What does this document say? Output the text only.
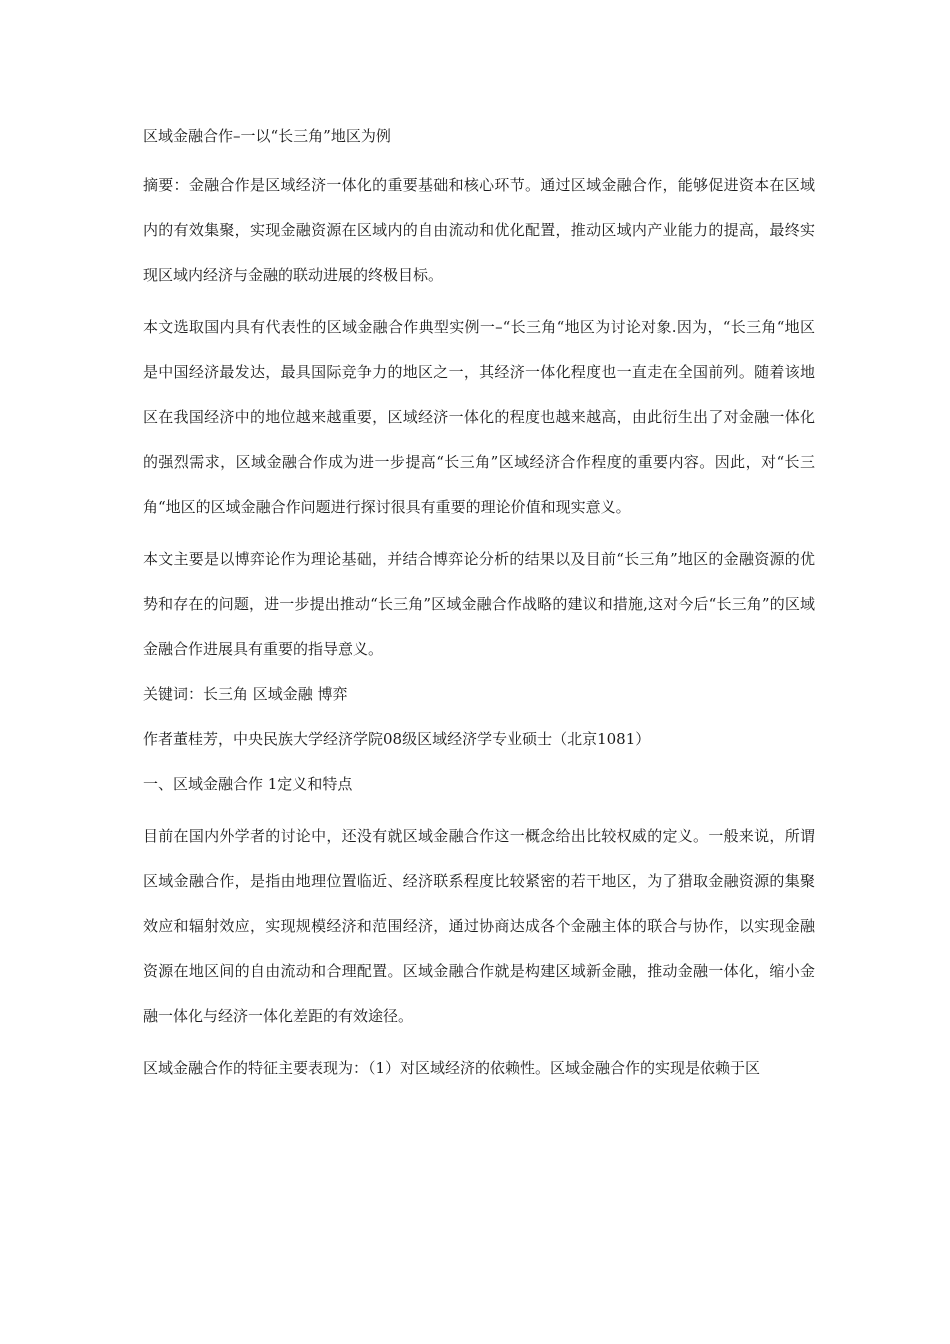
区域金融合作–一以“长三角”地区为例

摘要：金融合作是区域经济一体化的重要基础和核心环节。通过区域金融合作，能够促进资本在区域内的有效集聚，实现金融资源在区域内的自由流动和优化配置，推动区域内产业能力的提高，最终实现区域内经济与金融的联动进展的终极目标。

本文选取国内具有代表性的区域金融合作典型实例一–“长三角“地区为讨论对象.因为，“长三角“地区是中国经济最发达，最具国际竞争力的地区之一，其经济一体化程度也一直走在全国前列。随着该地区在我国经济中的地位越来越重要，区域经济一体化的程度也越来越高，由此衍生出了对金融一体化的强烈需求，区域金融合作成为进一步提高“长三角”区域经济合作程度的重要内容。因此，对“长三角“地区的区域金融合作问题进行探讨很具有重要的理论价值和现实意义。

本文主要是以博弈论作为理论基础，并结合博弈论分析的结果以及目前“长三角”地区的金融资源的优势和存在的问题，进一步提出推动“长三角”区域金融合作战略的建议和措施,这对今后“长三角”的区域金融合作进展具有重要的指导意义。

关键词：长三角 区域金融 博弈

作者董桂芳，中央民族大学经济学院08级区域经济学专业硕士（北京1081）

一、区域金融合作 1定义和特点

目前在国内外学者的讨论中，还没有就区域金融合作这一概念给出比较权威的定义。一般来说，所谓区域金融合作，是指由地理位置临近、经济联系程度比较紧密的若干地区，为了猎取金融资源的集聚效应和辐射效应，实现规模经济和范围经济，通过协商达成各个金融主体的联合与协作，以实现金融资源在地区间的自由流动和合理配置。区域金融合作就是构建区域新金融，推动金融一体化，缩小金融一体化与经济一体化差距的有效途径。

区域金融合作的特征主要表现为：（1）对区域经济的依赖性。区域金融合作的实现是依赖于区
